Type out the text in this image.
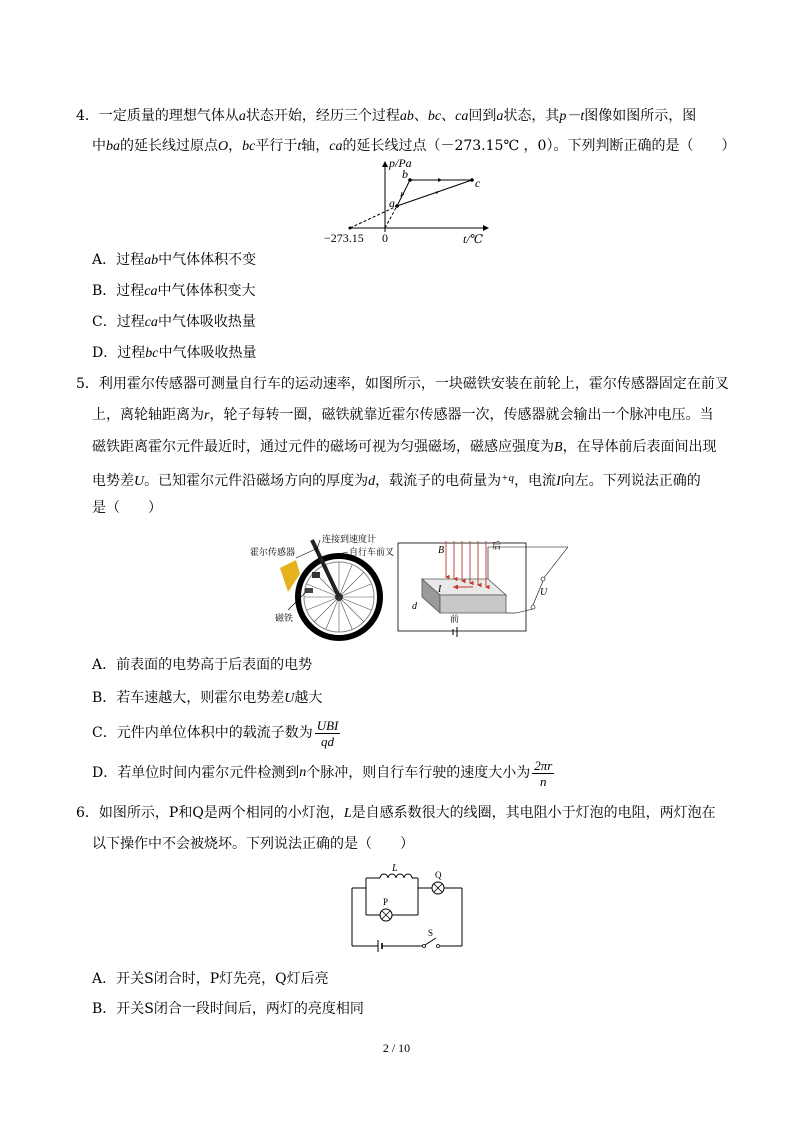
4．一定质量的理想气体从a状态开始，经历三个过程ab、bc、ca回到a状态，其p－t图像如图所示，图
中ba的延长线过原点O，bc平行于t轴，ca的延长线过点（－273.15℃ ，0）。下列判断正确的是（　　）
p/Pa
t/℃
0
−273.15
a
b
c
A．过程ab中气体体积不变
B．过程ca中气体体积变大
C．过程ca中气体吸收热量
D．过程bc中气体吸收热量
5．利用霍尔传感器可测量自行车的运动速率，如图所示，一块磁铁安装在前轮上，霍尔传感器固定在前叉
上，离轮轴距离为r，轮子每转一圈，磁铁就靠近霍尔传感器一次，传感器就会输出一个脉冲电压。当
磁铁距离霍尔元件最近时，通过元件的磁场可视为匀强磁场，磁感应强度为B，在导体前后表面间出现
电势差U。已知霍尔元件沿磁场方向的厚度为d，载流子的电荷量为$^{+q}$，电流I向左。下列说法正确的
是（　　）
霍尔传感器
连接到速度计
自行车前叉
磁铁
B	后
I
d
前
U
A．前表面的电势高于后表面的电势
B．若车速越大，则霍尔电势差U越大
C．元件内单位体积中的载流子数为 $\frac{\text{UBI}}{qd}$
D．若单位时间内霍尔元件检测到 n 个脉冲，则自行车行驶的速度大小为 $\frac{2\pi r}{n}$
6．如图所示，P和Q是两个相同的小灯泡，L是自感系数很大的线圈，其电阻小于灯泡的电阻，两灯泡在
以下操作中不会被烧坏。下列说法正确的是（　　）
L
P
Q
S
A．开关S闭合时，P灯先亮，Q灯后亮
B．开关S闭合一段时间后，两灯的亮度相同
2 / 10
